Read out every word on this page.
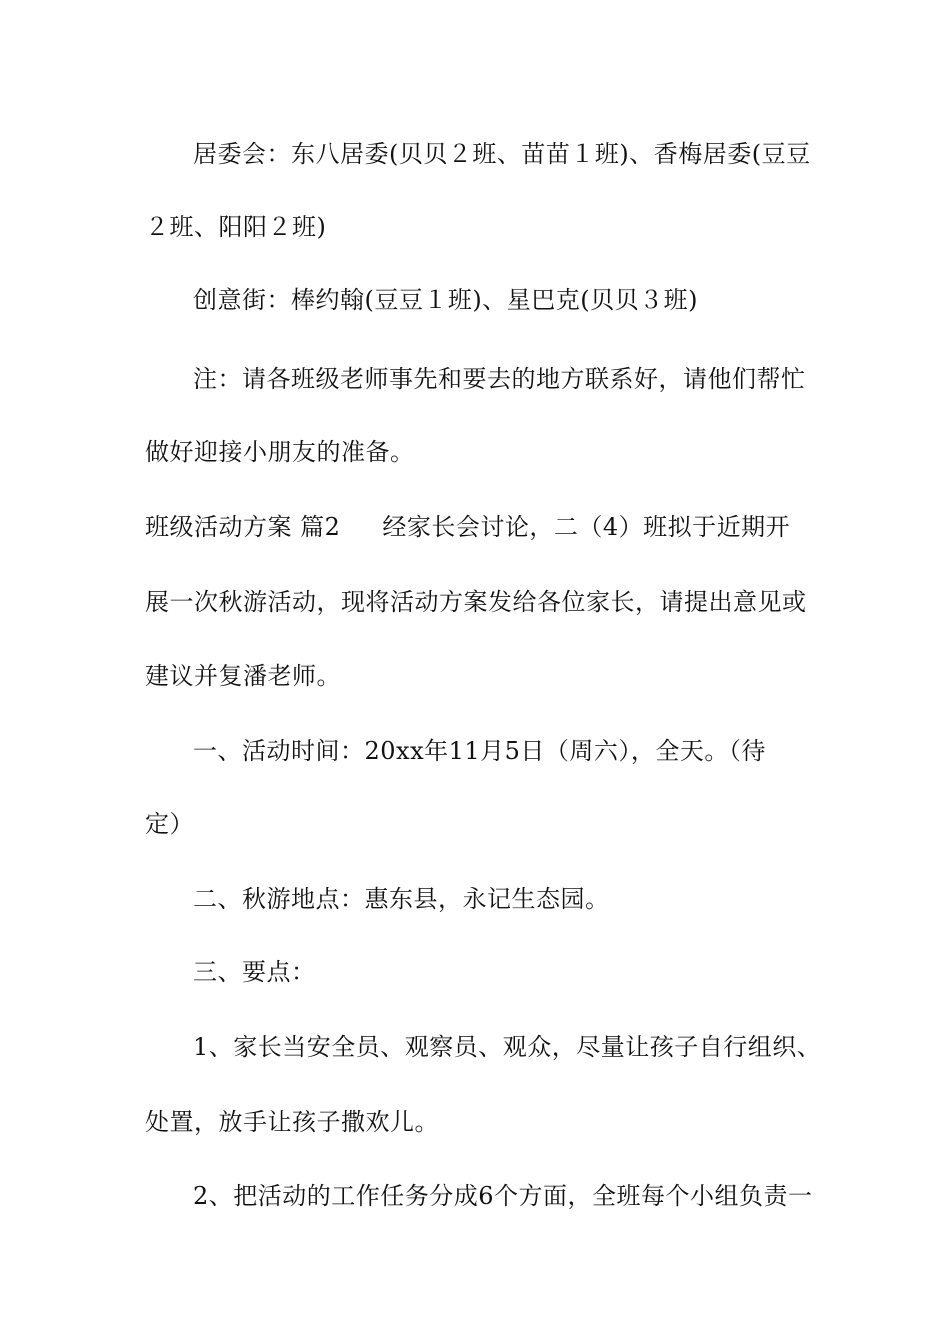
居委会：东八居委(贝贝２班、苗苗１班)、香梅居委(豆豆
２班、阳阳２班)
创意街：棒约翰(豆豆１班)、星巴克(贝贝３班)
注：请各班级老师事先和要去的地方联系好，请他们帮忙
做好迎接小朋友的准备。
班级活动方案 篇2 经家长会讨论，二（4）班拟于近期开
展一次秋游活动，现将活动方案发给各位家长，请提出意见或
建议并复潘老师。
一、活动时间：20xx年11月5日（周六），全天。（待
定）
二、秋游地点：惠东县，永记生态园。
三、要点：
1、家长当安全员、观察员、观众，尽量让孩子自行组织、
处置，放手让孩子撒欢儿。
2、把活动的工作任务分成6个方面，全班每个小组负责一
